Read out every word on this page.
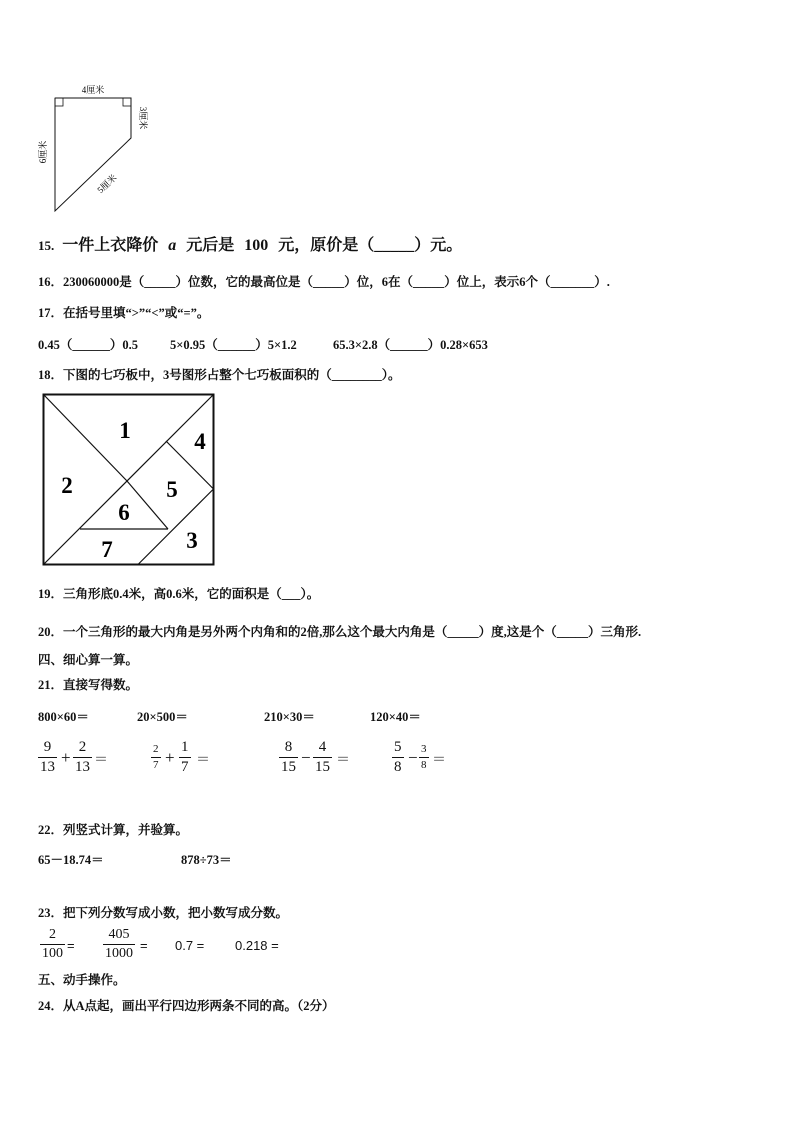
4厘米
6厘米
3厘米
5厘米
15. 一件上衣降价 a 元后是 100 元，原价是（_____）元。
16．230060000是（_____）位数，它的最高位是（_____）位，6在（_____）位上，表示6个（_______）.
17．在括号里填“>”“<”或“=”。
0.45（______）0.5	5×0.95（______）5×1.2	65.3×2.8（______）0.28×653
18．下图的七巧板中，3号图形占整个七巧板面积的（________）。
1
2
3
4
5
6
7
19．三角形底0.4米，高0.6米，它的面积是（___）。
20．一个三角形的最大内角是另外两个内角和的2倍,那么这个最大内角是（_____）度,这是个（_____）三角形.
四、细心算一算。
21．直接写得数。
800×60＝	20×500＝	210×30＝	120×40＝
9
13 +
2
13 ＝
2
7 +
1
7 ＝
8
15 −
4
15 ＝
5
8 − 3
8 ＝
22．列竖式计算，并验算。
65－18.74＝	878÷73＝
23．把下列分数写成小数，把小数写成分数。
2
100
=
405
1000
= 0.7 = 0.218 =
五、动手操作。
24．从A点起，画出平行四边形两条不同的高。（2分）
